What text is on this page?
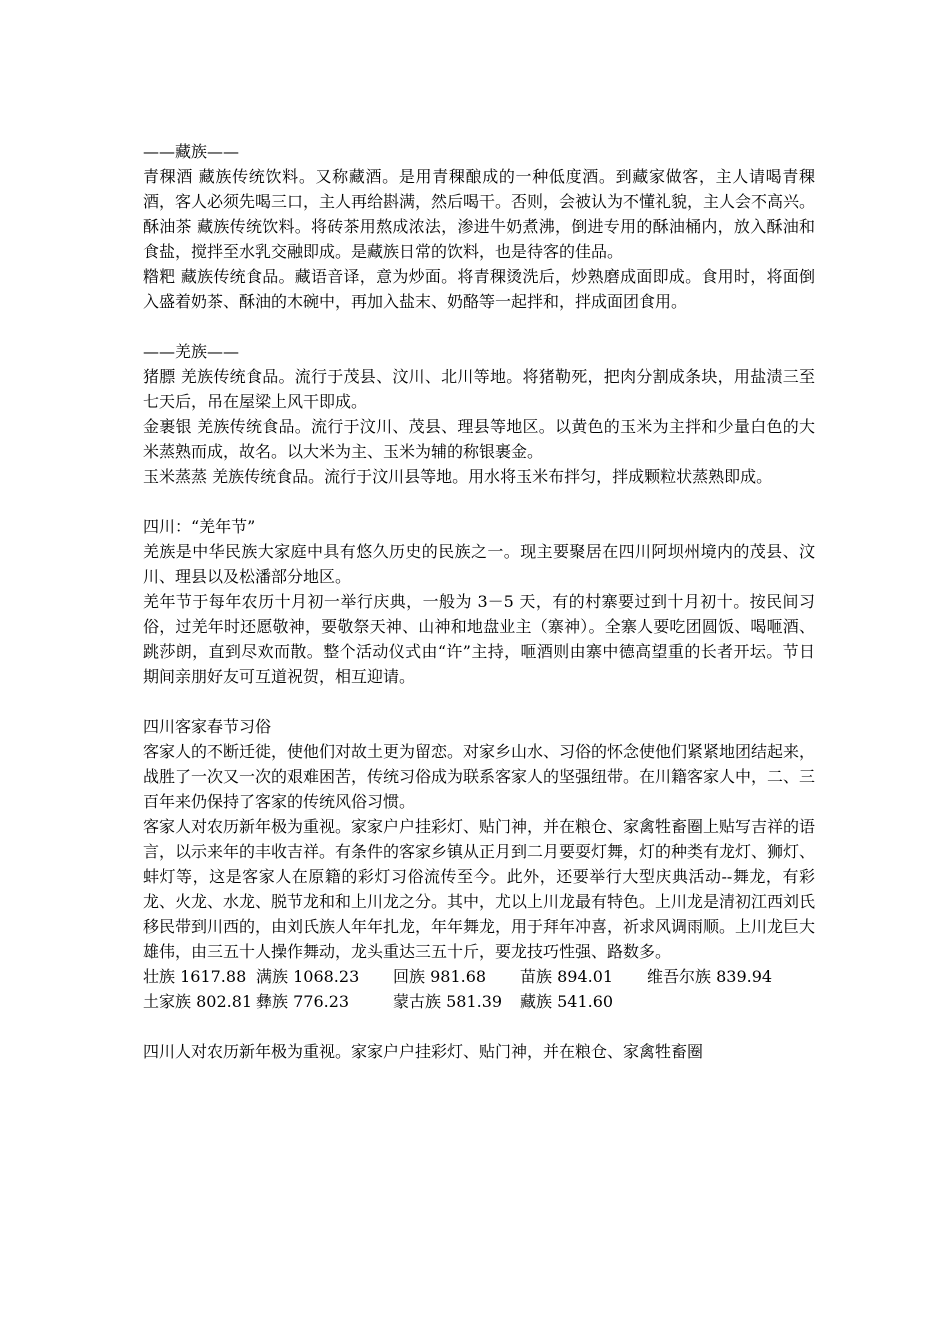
——藏族——

青稞酒 藏族传统饮料。又称藏酒。是用青稞酿成的一种低度酒。到藏家做客，主人请喝青稞酒，客人必须先喝三口，主人再给斟满，然后喝干。否则，会被认为不懂礼貌，主人会不高兴。

酥油茶 藏族传统饮料。将砖茶用熬成浓法，渗进牛奶煮沸，倒进专用的酥油桶内，放入酥油和食盐，搅拌至水乳交融即成。是藏族日常的饮料，也是待客的佳品。

糌粑 藏族传统食品。藏语音译，意为炒面。将青稞烫洗后，炒熟磨成面即成。食用时，将面倒入盛着奶茶、酥油的木碗中，再加入盐末、奶酪等一起拌和，拌成面团食用。

——羌族——

猪膘 羌族传统食品。流行于茂县、汶川、北川等地。将猪勒死，把肉分割成条块，用盐渍三至七天后，吊在屋梁上风干即成。

金裹银 羌族传统食品。流行于汶川、茂县、理县等地区。以黄色的玉米为主拌和少量白色的大米蒸熟而成，故名。以大米为主、玉米为辅的称银裹金。

玉米蒸蒸 羌族传统食品。流行于汶川县等地。用水将玉米布拌匀，拌成颗粒状蒸熟即成。

四川：“羌年节”

羌族是中华民族大家庭中具有悠久历史的民族之一。现主要聚居在四川阿坝州境内的茂县、汶川、理县以及松潘部分地区。

羌年节于每年农历十月初一举行庆典，一般为 3－5 天，有的村寨要过到十月初十。按民间习俗，过羌年时还愿敬神，要敬祭天神、山神和地盘业主（寨神）。全寨人要吃团圆饭、喝咂酒、跳莎朗，直到尽欢而散。整个活动仪式由“许”主持，咂酒则由寨中德高望重的长者开坛。节日期间亲朋好友可互道祝贺，相互迎请。

四川客家春节习俗

客家人的不断迁徙，使他们对故土更为留恋。对家乡山水、习俗的怀念使他们紧紧地团结起来，战胜了一次又一次的艰难困苦，传统习俗成为联系客家人的坚强纽带。在川籍客家人中，二、三百年来仍保持了客家的传统风俗习惯。

客家人对农历新年极为重视。家家户户挂彩灯、贴门神，并在粮仓、家禽牲畜圈上贴写吉祥的语言，以示来年的丰收吉祥。有条件的客家乡镇从正月到二月要耍灯舞，灯的种类有龙灯、狮灯、蚌灯等，这是客家人在原籍的彩灯习俗流传至今。此外，还要举行大型庆典活动--舞龙，有彩龙、火龙、水龙、脱节龙和和上川龙之分。其中，尤以上川龙最有特色。上川龙是清初江西刘氏移民带到川西的，由刘氏族人年年扎龙，年年舞龙，用于拜年冲喜，祈求风调雨顺。上川龙巨大雄伟，由三五十人操作舞动，龙头重达三五十斤，要龙技巧性强、路数多。

壮族 1617.88 满族 1068.23	回族 981.68	苗族 894.01	维吾尔族 839.94
土家族 802.81 彝族 776.23	蒙古族 581.39	藏族 541.60

四川人对农历新年极为重视。家家户户挂彩灯、贴门神，并在粮仓、家禽牲畜圈
